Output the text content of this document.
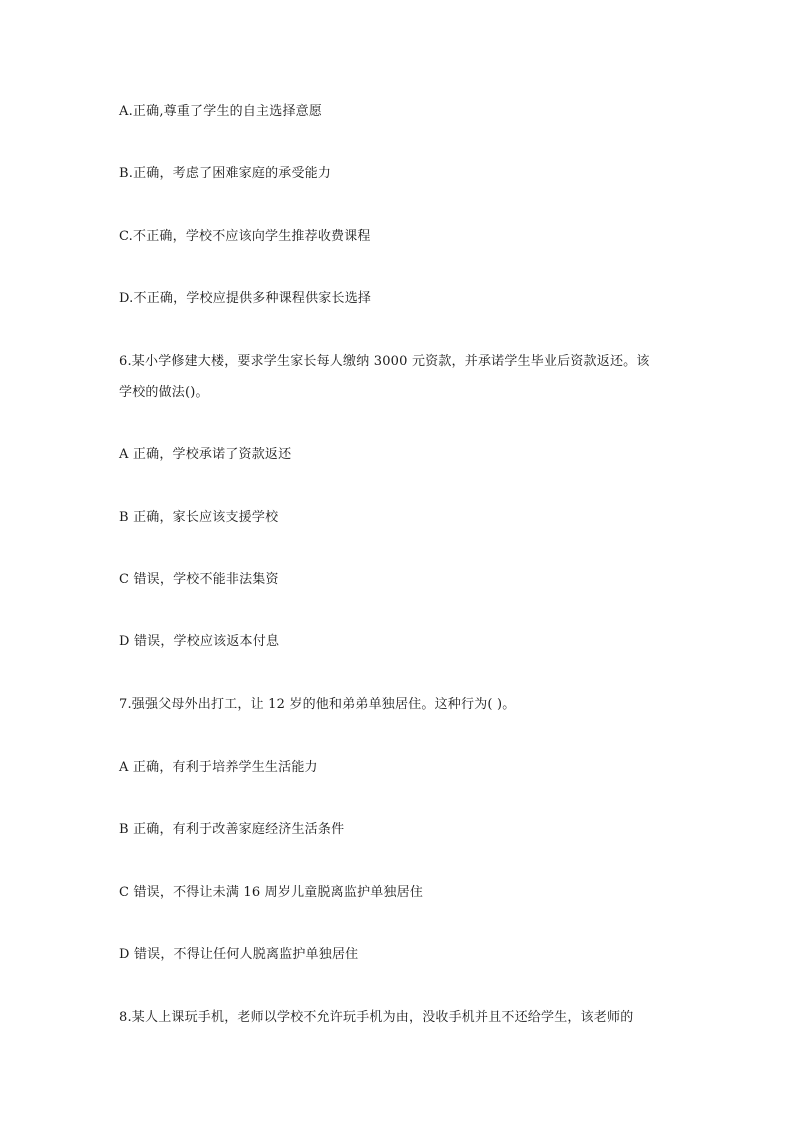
A.正确,尊重了学生的自主选择意愿
B.正确，考虑了困难家庭的承受能力
C.不正确，学校不应该向学生推荐收费课程
D.不正确，学校应提供多种课程供家长选择
6.某小学修建大楼，要求学生家长每人缴纳 3000 元资款，并承诺学生毕业后资款返还。该
学校的做法()。
A 正确，学校承诺了资款返还
B 正确，家长应该支援学校
C 错误，学校不能非法集资
D 错误，学校应该返本付息
7.强强父母外出打工，让 12 岁的他和弟弟单独居住。这种行为( )。
A 正确，有利于培养学生生活能力
B 正确，有利于改善家庭经济生活条件
C 错误，不得让未满 16 周岁儿童脱离监护单独居住
D 错误，不得让任何人脱离监护单独居住
8.某人上课玩手机，老师以学校不允许玩手机为由，没收手机并且不还给学生，该老师的
